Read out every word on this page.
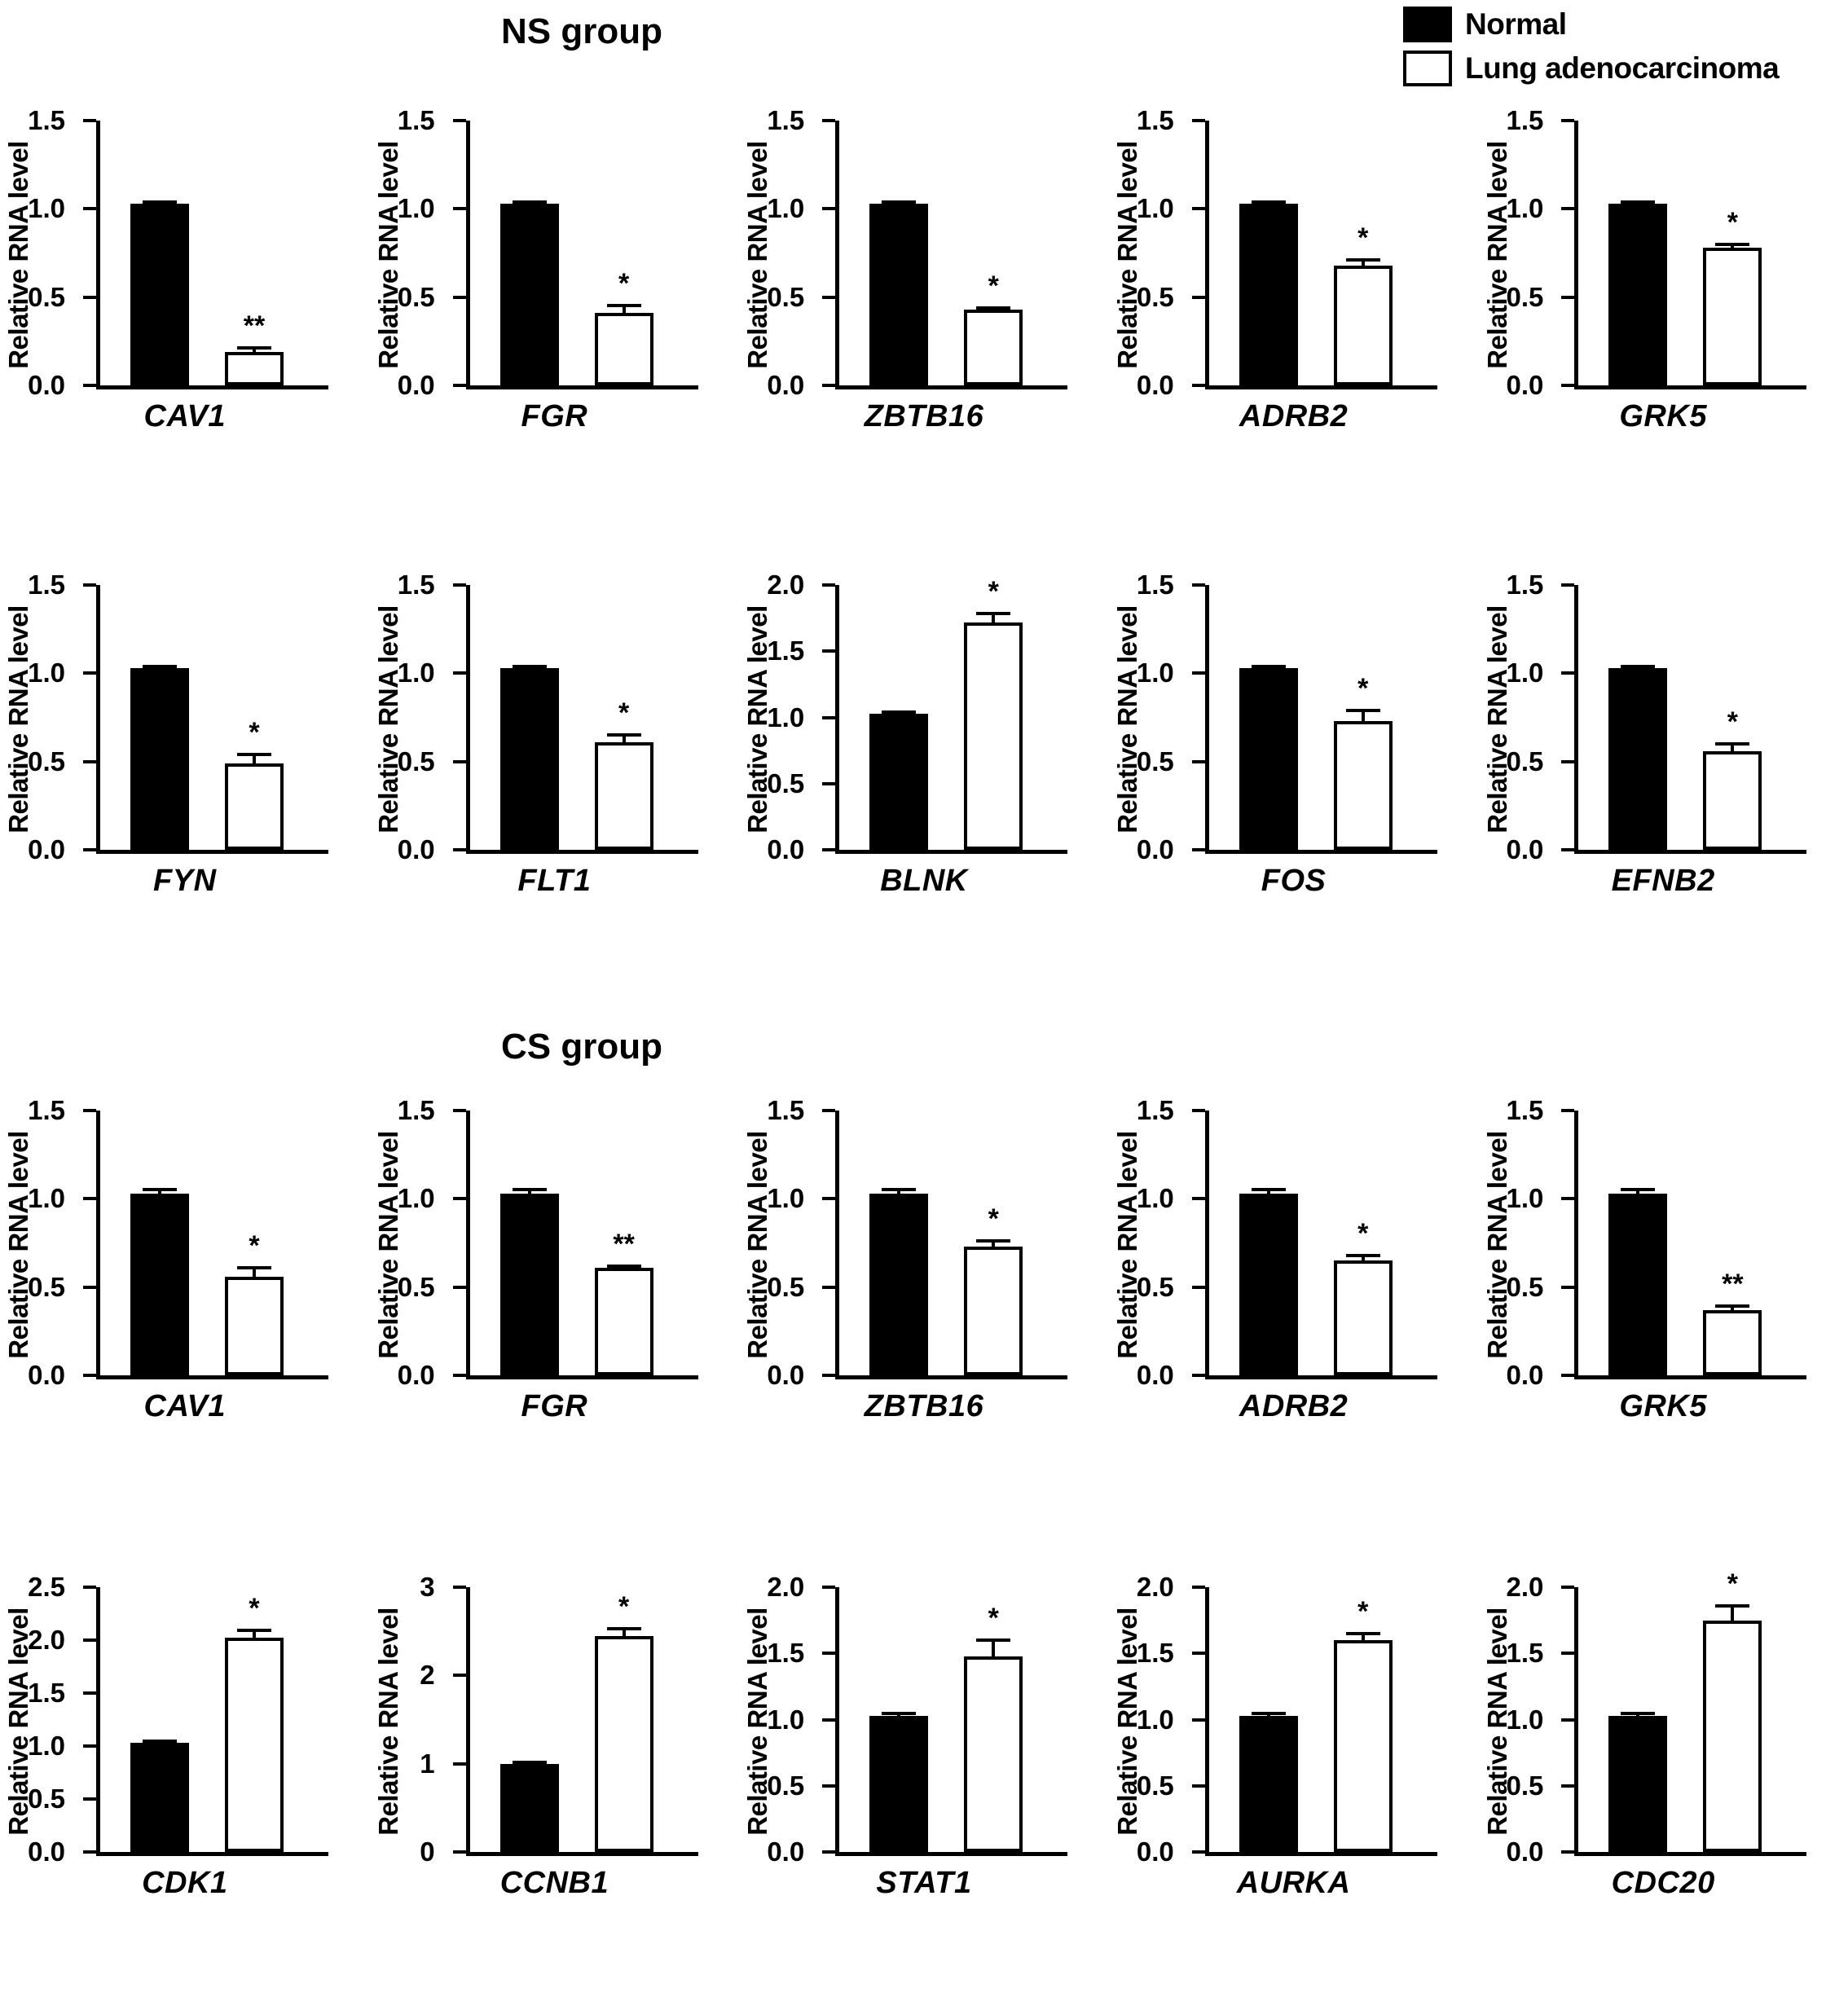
Normal
Lung adenocarcinoma
NS group
CS group
Relative RNA level
0.0
0.5
1.0
1.5
**
CAV1
Relative RNA level
0.0
0.5
1.0
1.5
*
FGR
Relative RNA level
0.0
0.5
1.0
1.5
*
ZBTB16
Relative RNA level
0.0
0.5
1.0
1.5
*
ADRB2
Relative RNA level
0.0
0.5
1.0
1.5
*
GRK5
Relative RNA level
0.0
0.5
1.0
1.5
*
FYN
Relative RNA level
0.0
0.5
1.0
1.5
*
FLT1
Relative RNA level
0.0
0.5
1.0
1.5
2.0	*
BLNK
Relative RNA level
0.0
0.5
1.0
1.5
*
FOS
Relative RNA level
0.0
0.5
1.0
1.5
*
EFNB2
Relative RNA level
0.0
0.5
1.0
1.5
*
CAV1
Relative RNA level
0.0
0.5
1.0
1.5
**
FGR
Relative RNA level
0.0
0.5
1.0
1.5
*
ZBTB16
Relative RNA level
0.0
0.5
1.0
1.5
*
ADRB2
Relative RNA level
0.0
0.5
1.0
1.5
**
GRK5
Relative RNA level
0.0
0.5
1.0
1.5
2.0
2.5
*
CDK1
Relative RNA level
0
1
2
3
*
CCNB1
Relative RNA level
0.0
0.5
1.0
1.5
2.0
*
STAT1
Relative RNA level
0.0
0.5
1.0
1.5
2.0
*
AURKA
Relative RNA level
0.0
0.5
1.0
1.5
2.0	*
CDC20
